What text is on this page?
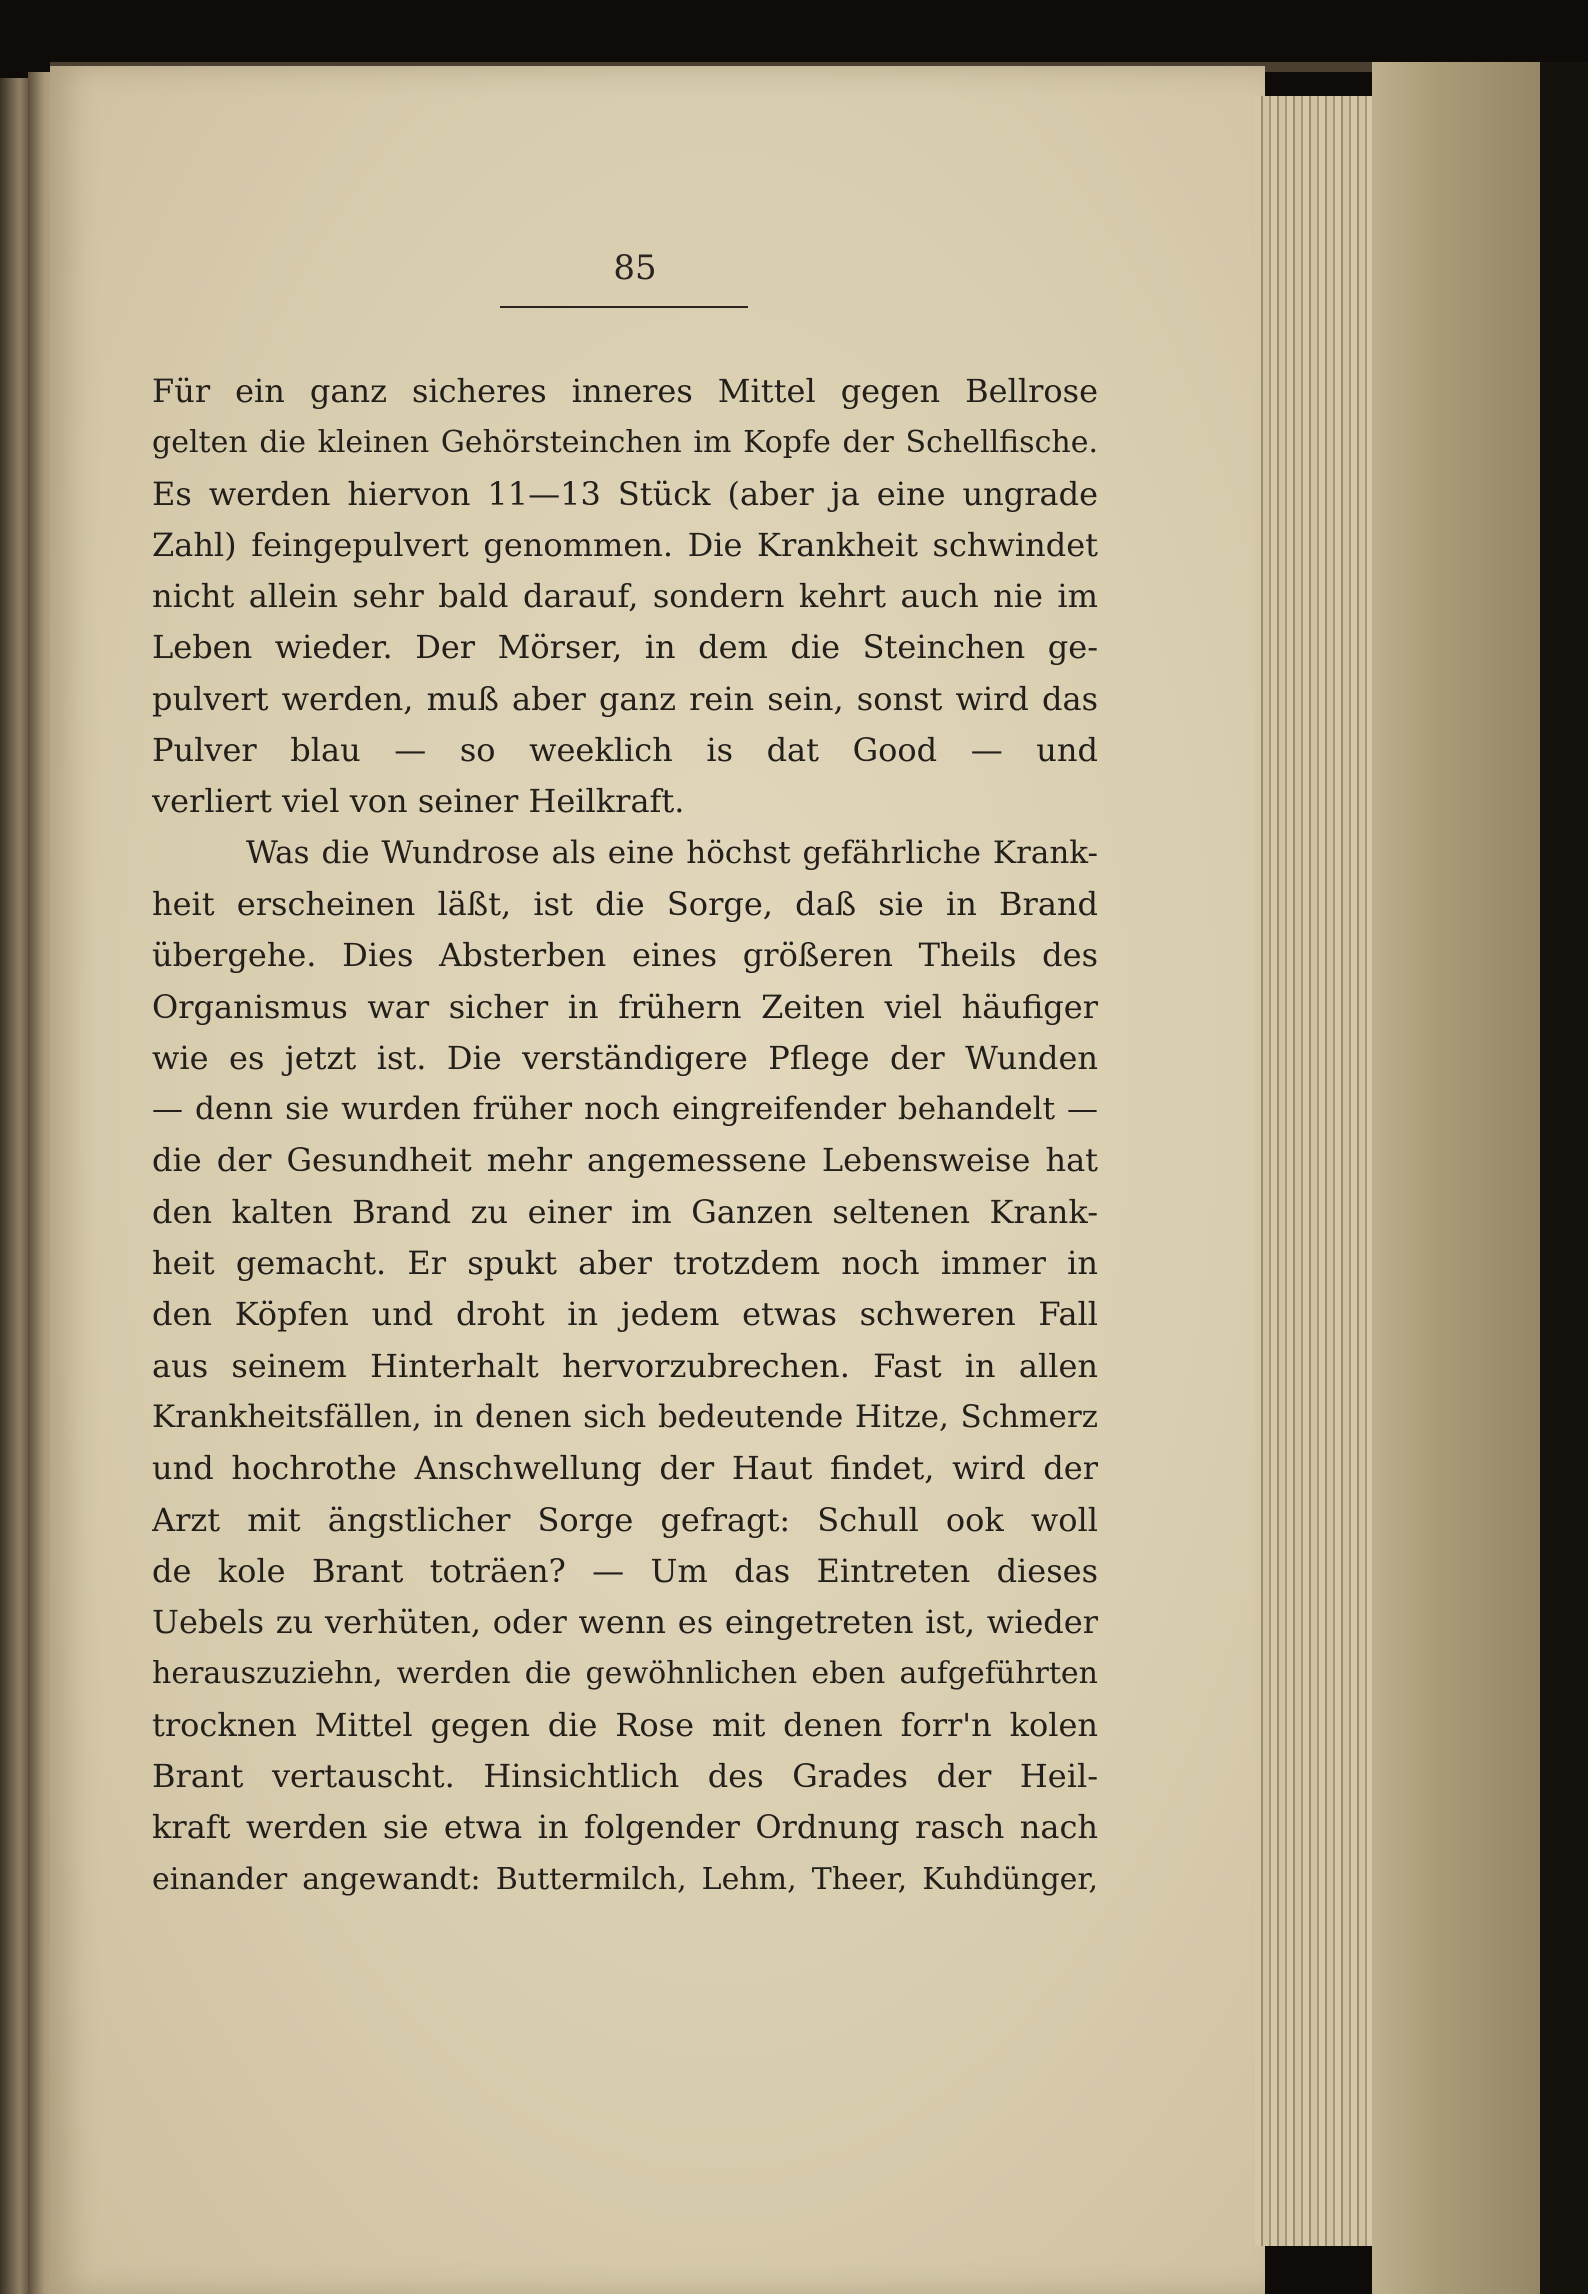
85
Für ein ganz sicheres inneres Mittel gegen Bellrose
gelten die kleinen Gehörsteinchen im Kopfe der Schellfische.
Es werden hiervon 11—13 Stück (aber ja eine ungrade
Zahl) feingepulvert genommen. Die Krankheit schwindet
nicht allein sehr bald darauf, sondern kehrt auch nie im
Leben wieder. Der Mörser, in dem die Steinchen ge-
pulvert werden, muß aber ganz rein sein, sonst wird das
Pulver blau — so weeklich is dat Good — und
verliert viel von seiner Heilkraft.
Was die Wundrose als eine höchst gefährliche Krank-
heit erscheinen läßt, ist die Sorge, daß sie in Brand
übergehe. Dies Absterben eines größeren Theils des
Organismus war sicher in frühern Zeiten viel häufiger
wie es jetzt ist. Die verständigere Pflege der Wunden
— denn sie wurden früher noch eingreifender behandelt —
die der Gesundheit mehr angemessene Lebensweise hat
den kalten Brand zu einer im Ganzen seltenen Krank-
heit gemacht. Er spukt aber trotzdem noch immer in
den Köpfen und droht in jedem etwas schweren Fall
aus seinem Hinterhalt hervorzubrechen. Fast in allen
Krankheitsfällen, in denen sich bedeutende Hitze, Schmerz
und hochrothe Anschwellung der Haut findet, wird der
Arzt mit ängstlicher Sorge gefragt: Schull ook woll
de kole Brant toträen? — Um das Eintreten dieses
Uebels zu verhüten, oder wenn es eingetreten ist, wieder
herauszuziehn, werden die gewöhnlichen eben aufgeführten
trocknen Mittel gegen die Rose mit denen forr'n kolen
Brant vertauscht. Hinsichtlich des Grades der Heil-
kraft werden sie etwa in folgender Ordnung rasch nach
einander angewandt: Buttermilch, Lehm, Theer, Kuhdünger,
